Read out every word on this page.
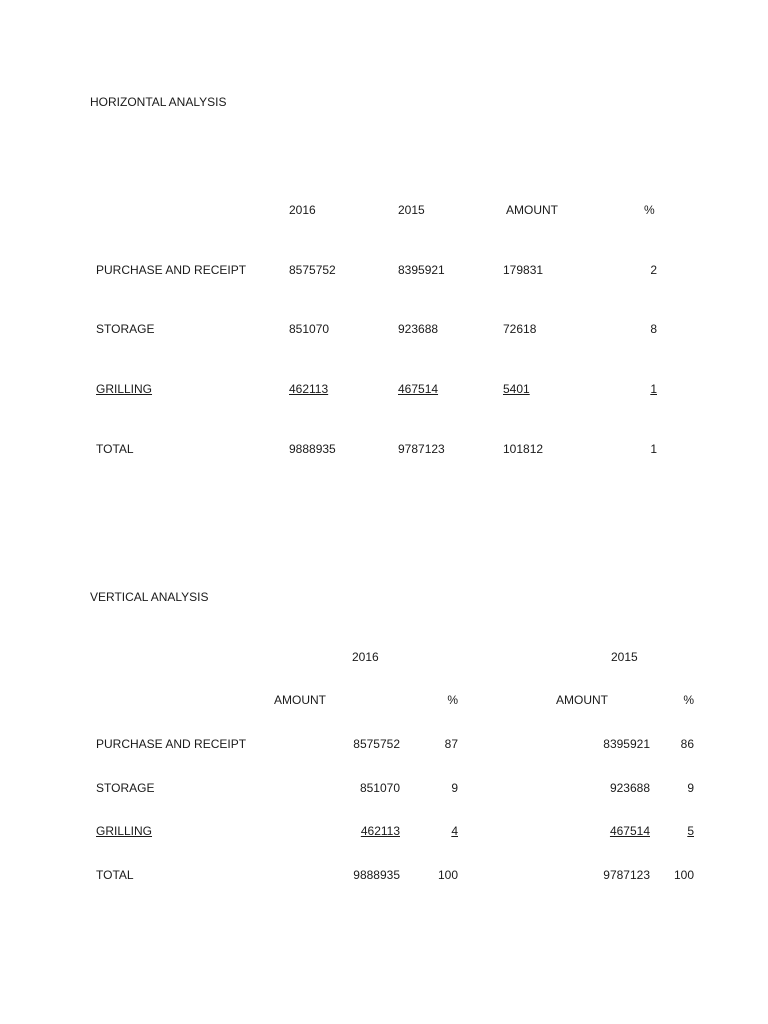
HORIZONTAL ANALYSIS
2016	2015	AMOUNT	%
PURCHASE AND RECEIPT	8575752	8395921	179831	2
STORAGE	851070	923688	72618	8
GRILLING	462113	467514	5401	1
TOTAL	9888935	9787123	101812	1
VERTICAL ANALYSIS
2016	2015
AMOUNT	%	AMOUNT	%
PURCHASE AND RECEIPT	8575752	87	8395921	86
STORAGE	851070	9	923688	9
GRILLING	462113	4	467514	5
TOTAL	9888935	100	9787123 100
